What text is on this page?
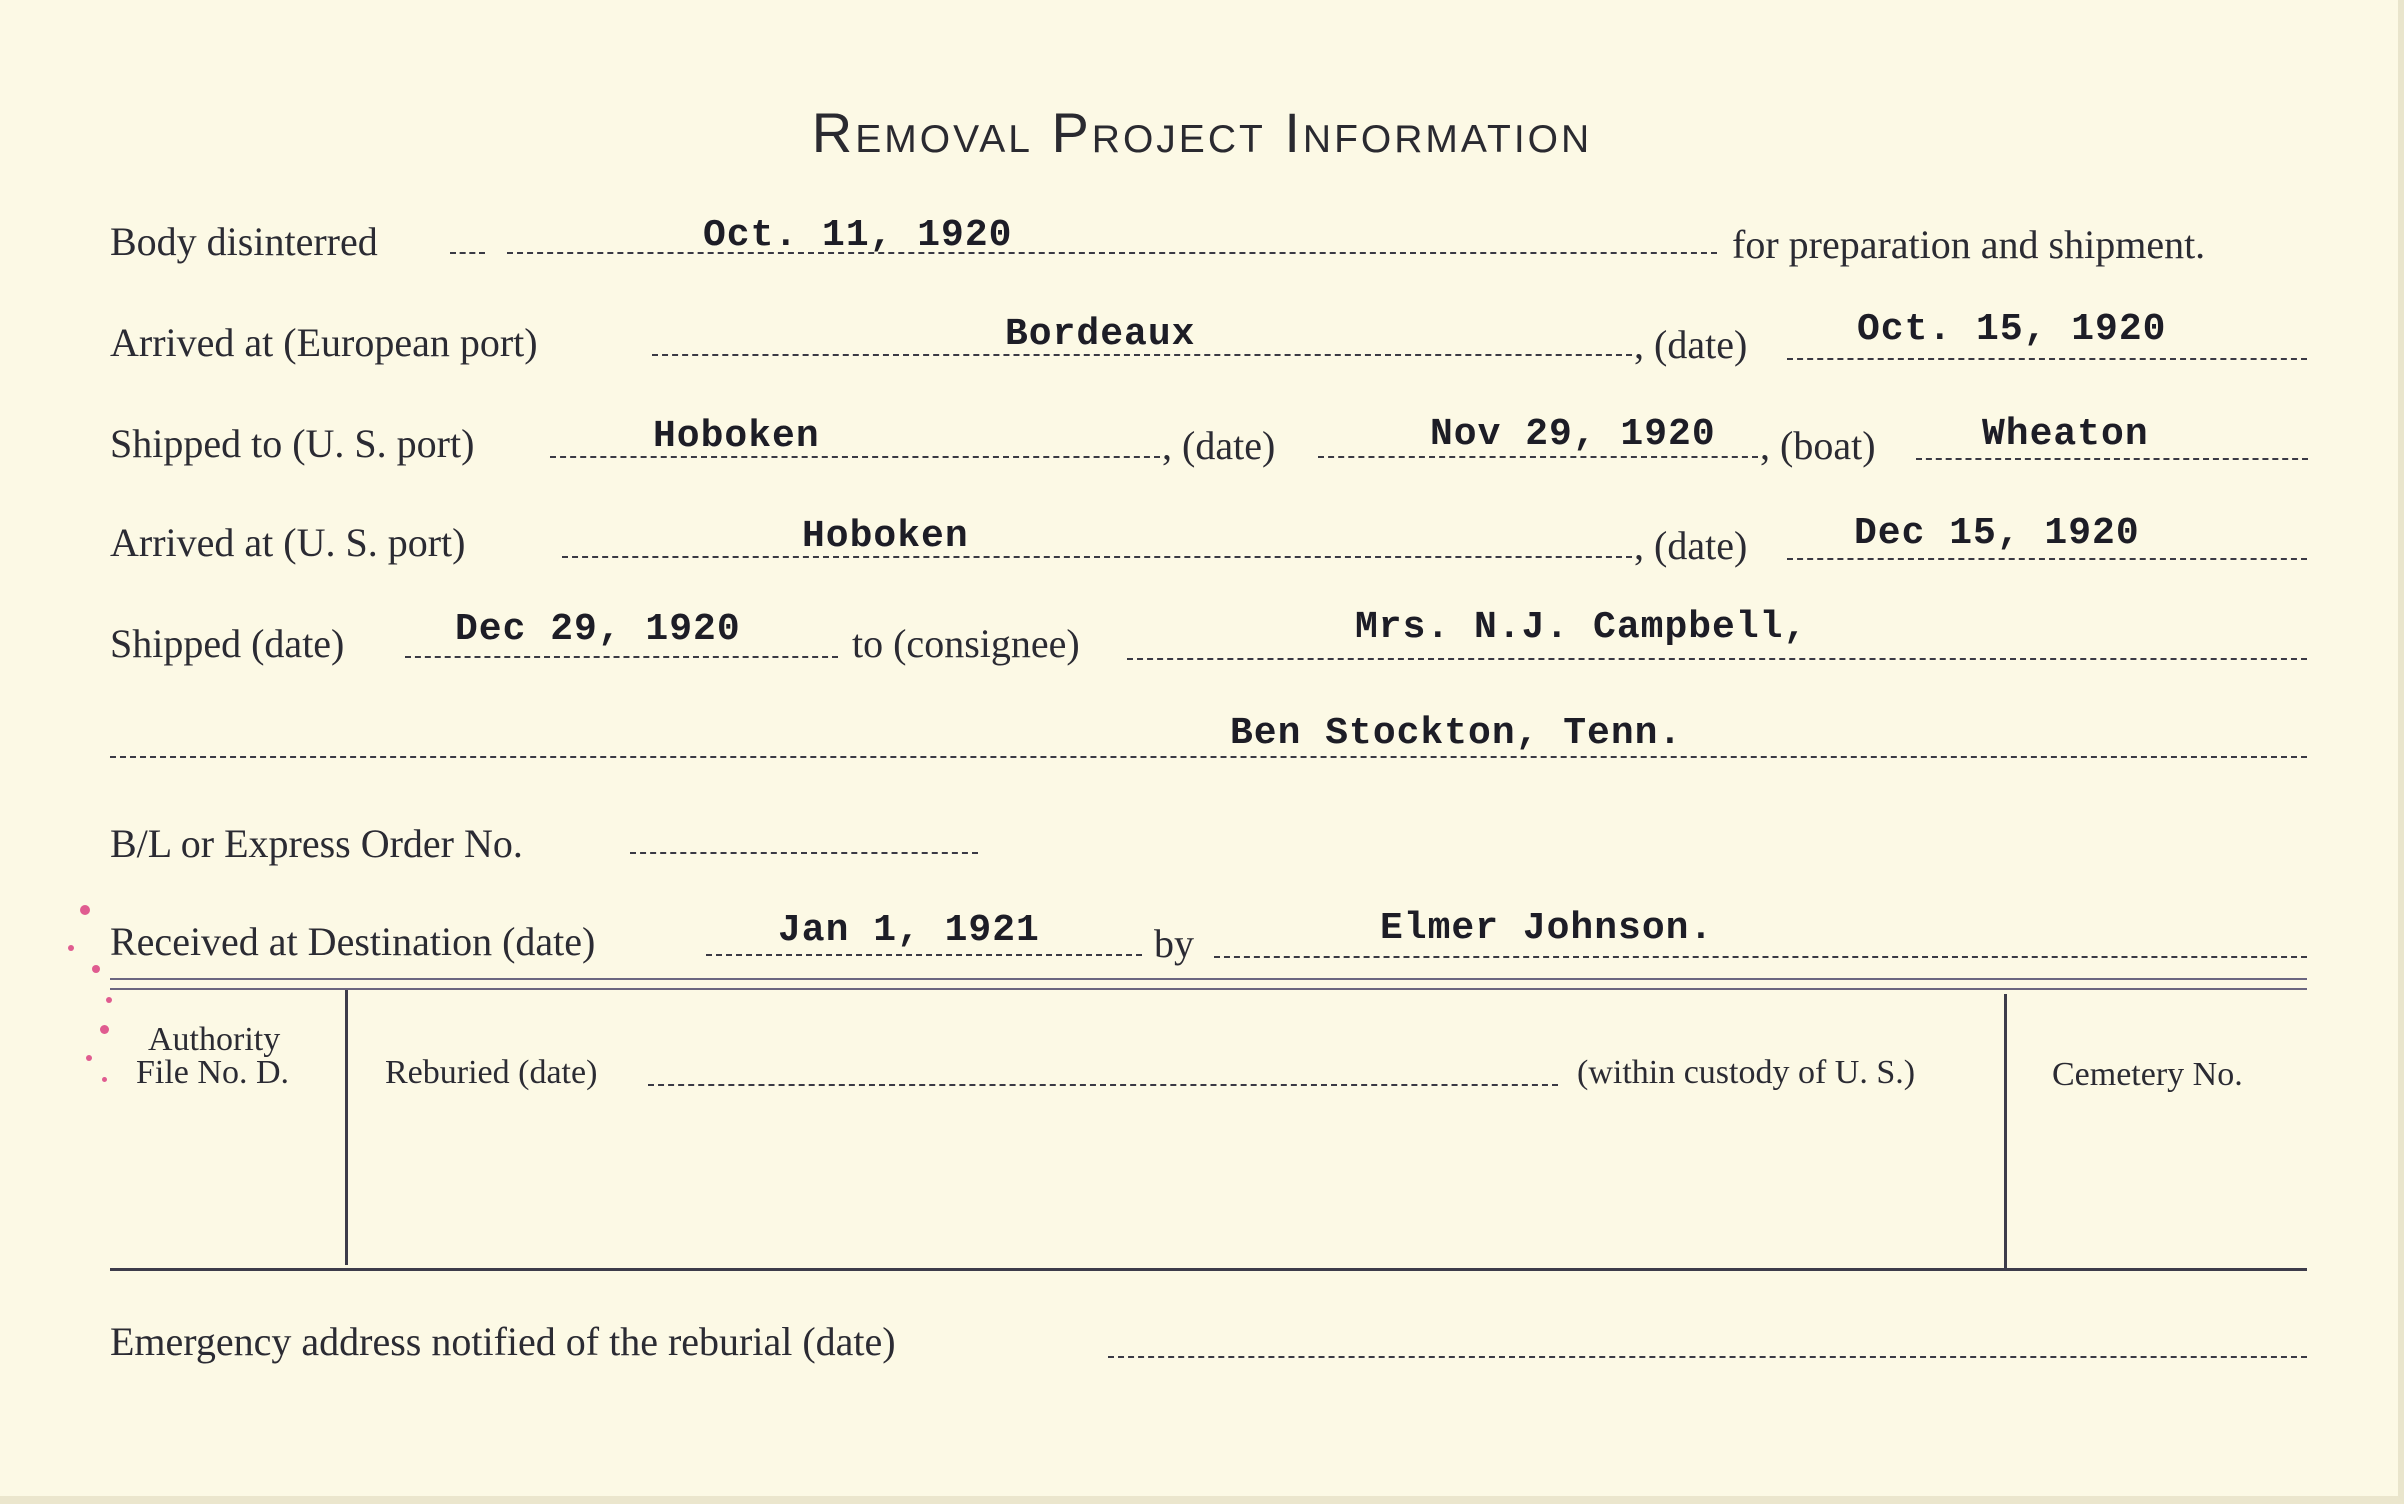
Removal Project Information
Body disinterred	Oct. 11, 1920	for preparation and shipment.
Arrived at (European port)	Bordeaux	, (date)	Oct. 15, 1920
Shipped to (U. S. port)	Hoboken	, (date)	Nov 29, 1920 , (boat)	Wheaton
Arrived at (U. S. port)	Hoboken	, (date)	Dec 15, 1920
Shipped (date)	Dec 29, 1920	to (consignee)	Mrs. N.J. Campbell,
Ben Stockton, Tenn.
B/L or Express Order No.
Received at Destination (date)	Jan 1, 1921	by	Elmer Johnson.
Authority
File No. D.	Reburied (date)	(within custody of U. S.)	Cemetery No.
Emergency address notified of the reburial (date)
